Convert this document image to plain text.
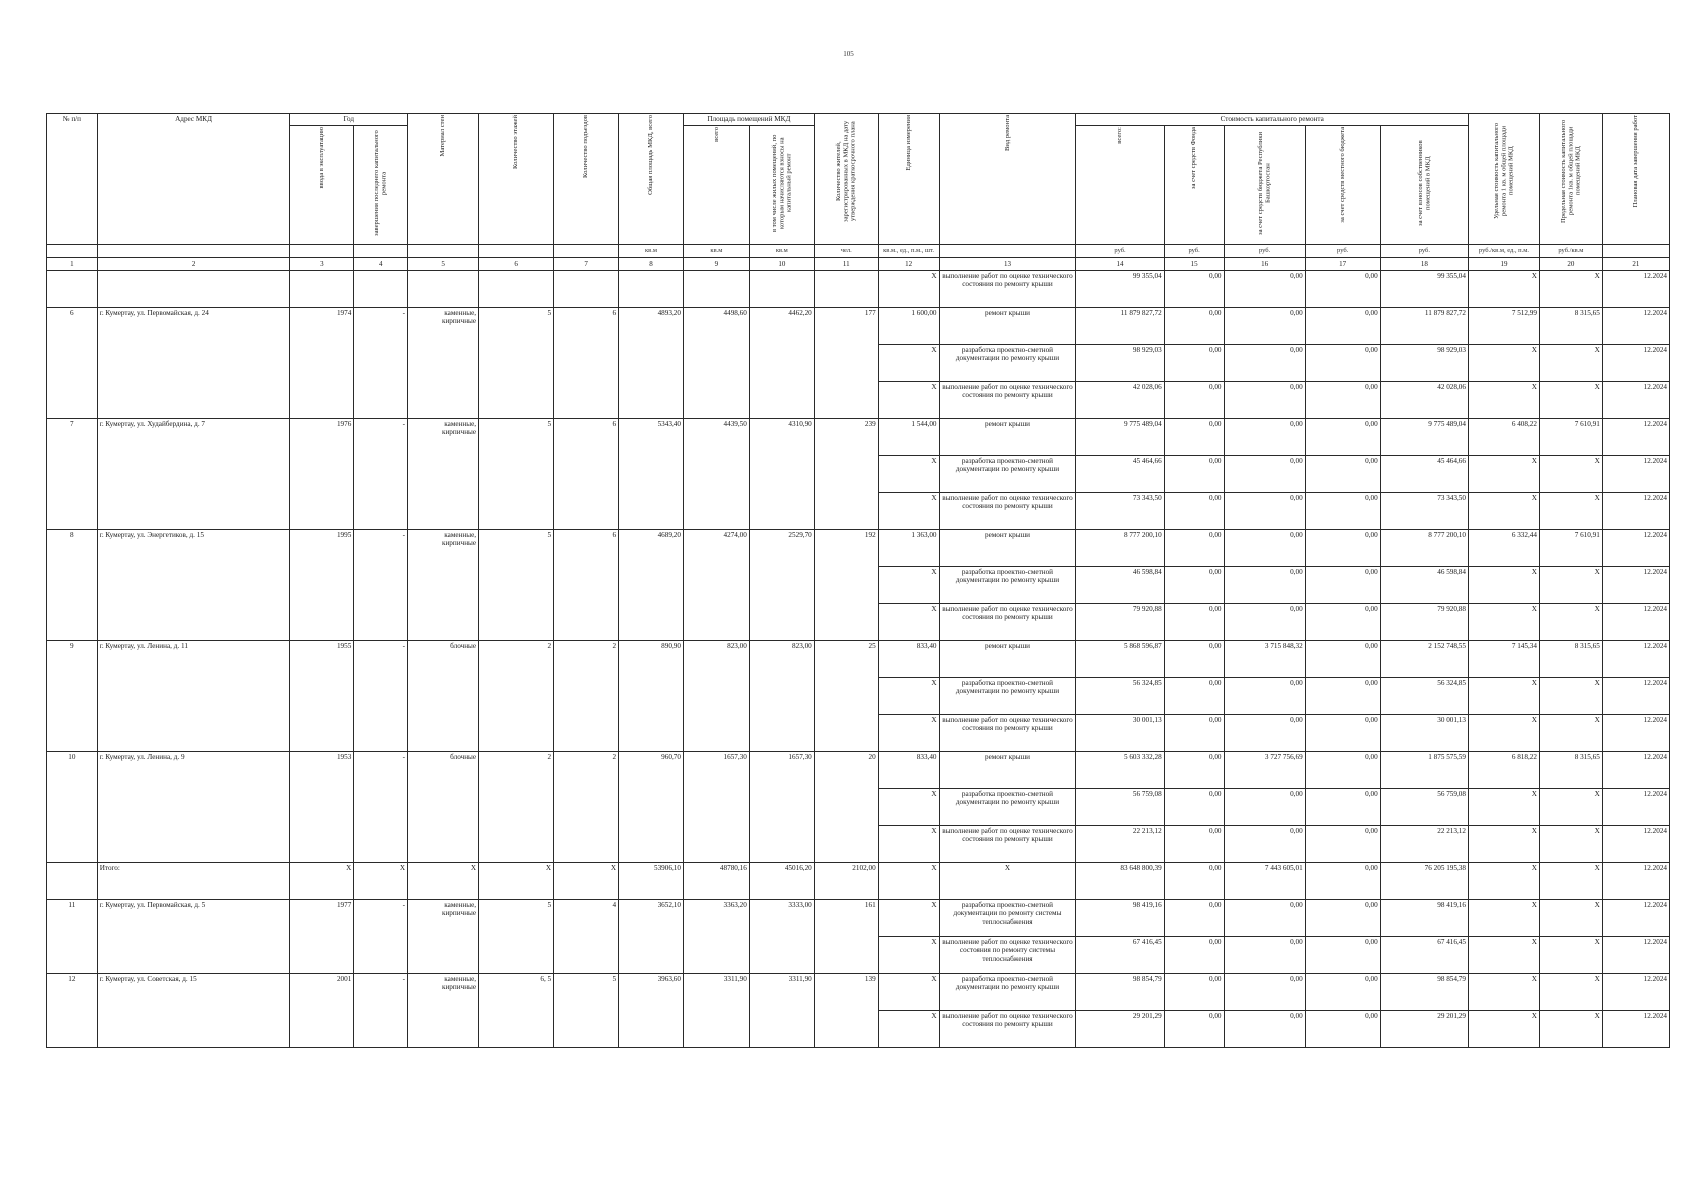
105
№ п/п	Адрес МКД	Год		Материал стен	Количество этажей	Количество подъездов	Общая площадь МКД, всего	Площадь помещений МКД		Количество жителей, зарегистрированных в МКД на дату утверждения краткосрочного плана	Единица измерения	Вид ремонта	Стоимость капитального ремонта					Удельная стоимость капитального ремонта 1 кв. м общей площади помещений МКД	Предельная стоимость капитального ремонта 1кв. м общей площади помещений МКД	Плановая дата завершения работ
		ввода в эксплуатацию	завершения последнего капитального ремонта					всего	в том числе жилых помещений, по которым начисляются взносы на капитальный ремонт				всего:	за счет средств Фонда	за счет средств бюджета Республики Башкортостан	за счет средств местного бюджета	за счет взносов собственников помещений в МКД			
							кв.м	кв.м	кв.м	чел.	кв.м., ед., п.м., шт.		руб.	руб.	руб.	руб.	руб.	руб./кв.м, ед., п.м.	руб./кв.м	
1	2	3	4	5	6	7	8	9	10	11	12	13	14	15	16	17	18	19	20	21
											X	выполнение работ по оценке технического состояния по ремонту крыши	99 355,04	0,00	0,00	0,00	99 355,04	X	X	12.2024
6	г. Кумертау, ул. Первомайская, д. 24	1974	-	каменные, кирпичные	5	6	4893,20	4498,60	4462,20	177	1 600,00	ремонт крыши	11 879 827,72	0,00	0,00	0,00	11 879 827,72	7 512,99	8 315,65	12.2024
											X	разработка проектно-сметной документации по ремонту крыши	98 929,03	0,00	0,00	0,00	98 929,03	X	X	12.2024
											X	выполнение работ по оценке технического состояния по ремонту крыши	42 028,06	0,00	0,00	0,00	42 028,06	X	X	12.2024
7	г. Кумертау, ул. Худайбердина, д. 7	1976	-	каменные, кирпичные	5	6	5343,40	4439,50	4310,90	239	1 544,00	ремонт крыши	9 775 489,04	0,00	0,00	0,00	9 775 489,04	6 408,22	7 610,91	12.2024
											X	разработка проектно-сметной документации по ремонту крыши	45 464,66	0,00	0,00	0,00	45 464,66	X	X	12.2024
											X	выполнение работ по оценке технического состояния по ремонту крыши	73 343,50	0,00	0,00	0,00	73 343,50	X	X	12.2024
8	г. Кумертау, ул. Энергетиков, д. 15	1995	-	каменные, кирпичные	5	6	4689,20	4274,00	2529,70	192	1 363,00	ремонт крыши	8 777 200,10	0,00	0,00	0,00	8 777 200,10	6 332,44	7 610,91	12.2024
											X	разработка проектно-сметной документации по ремонту крыши	46 598,84	0,00	0,00	0,00	46 598,84	X	X	12.2024
											X	выполнение работ по оценке технического состояния по ремонту крыши	79 920,88	0,00	0,00	0,00	79 920,88	X	X	12.2024
9	г. Кумертау, ул. Ленина, д. 11	1955	-	блочные	2	2	890,90	823,00	823,00	25	833,40	ремонт крыши	5 868 596,87	0,00	3 715 848,32	0,00	2 152 748,55	7 145,34	8 315,65	12.2024
											X	разработка проектно-сметной документации по ремонту крыши	56 324,85	0,00	0,00	0,00	56 324,85	X	X	12.2024
											X	выполнение работ по оценке технического состояния по ремонту крыши	30 001,13	0,00	0,00	0,00	30 001,13	X	X	12.2024
10	г. Кумертау, ул. Ленина, д. 9	1953	-	блочные	2	2	960,70	1657,30	1657,30	20	833,40	ремонт крыши	5 603 332,28	0,00	3 727 756,69	0,00	1 875 575,59	6 818,22	8 315,65	12.2024
											X	разработка проектно-сметной документации по ремонту крыши	56 759,08	0,00	0,00	0,00	56 759,08	X	X	12.2024
											X	выполнение работ по оценке технического состояния по ремонту крыши	22 213,12	0,00	0,00	0,00	22 213,12	X	X	12.2024
	Итого:	X	X	X	X	X	53906,10	48780,16	45016,20	2102,00	X	X	83 648 800,39	0,00	7 443 605,01	0,00	76 205 195,38	X	X	12.2024
11	г. Кумертау, ул. Первомайская, д. 5	1977	-	каменные, кирпичные	5	4	3652,10	3363,20	3333,00	161	X	разработка проектно-сметной документации по ремонту системы теплоснабжения	98 419,16	0,00	0,00	0,00	98 419,16	X	X	12.2024
											X	выполнение работ по оценке технического состояния по ремонту системы теплоснабжения	67 416,45	0,00	0,00	0,00	67 416,45	X	X	12.2024
12	г. Кумертау, ул. Советская, д. 15	2001	-	каменные, кирпичные	6, 5	5	3963,60	3311,90	3311,90	139	X	разработка проектно-сметной документации по ремонту крыши	98 854,79	0,00	0,00	0,00	98 854,79	X	X	12.2024
											X	выполнение работ по оценке технического состояния по ремонту крыши	29 201,29	0,00	0,00	0,00	29 201,29	X	X	12.2024
